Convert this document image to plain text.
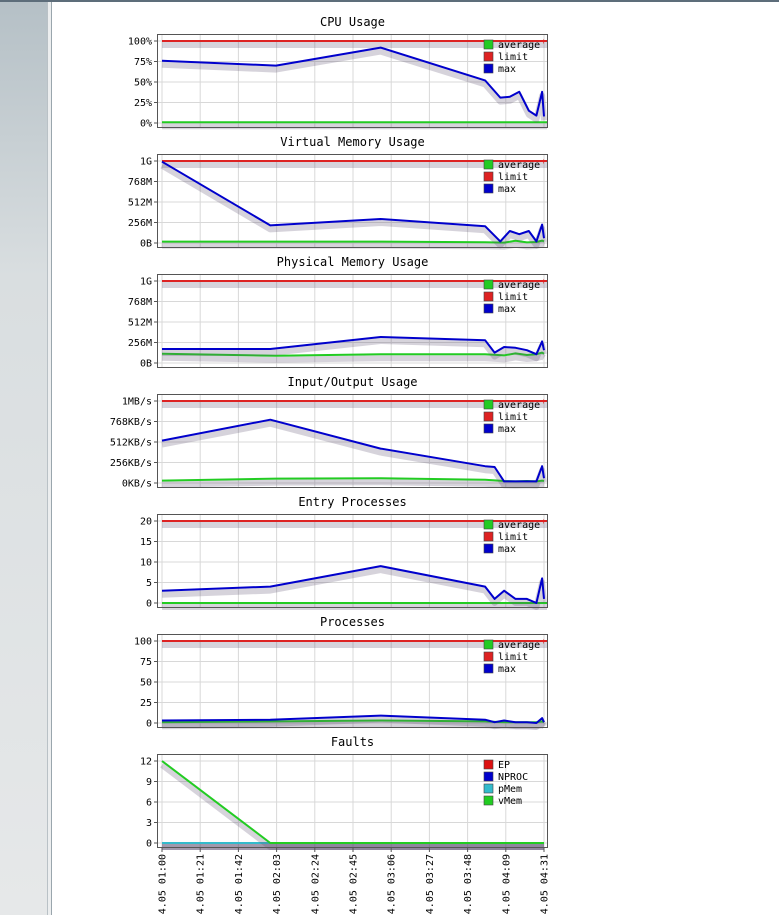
CPU Usage
0%
25%
50%
75%
100%	average
limit
max
+
Virtual Memory Usage
0B
256M
512M
768M
1G	average
limit
max
+
Physical Memory Usage
0B
256M
512M
768M
1G	average
limit
max
+
Input/Output Usage
0KB/s
256KB/s
512KB/s
768KB/s
1MB/s	average
limit
max
+
Entry Processes
0
5
10
15
20	average
limit
max
+
Processes
0
25
50
75
100	average
limit
max
+
Faults
0
3
6
9
12	EP
NPROC
pMem
vMem
4.05 01:00	4.05 01:21	4.05 01:42	4.05 02:03	4.05 02:24	4.05 02:45	4.05 03:06	4.05 03:27	4.05 03:48	4.05 04:09	4.05 04:31
